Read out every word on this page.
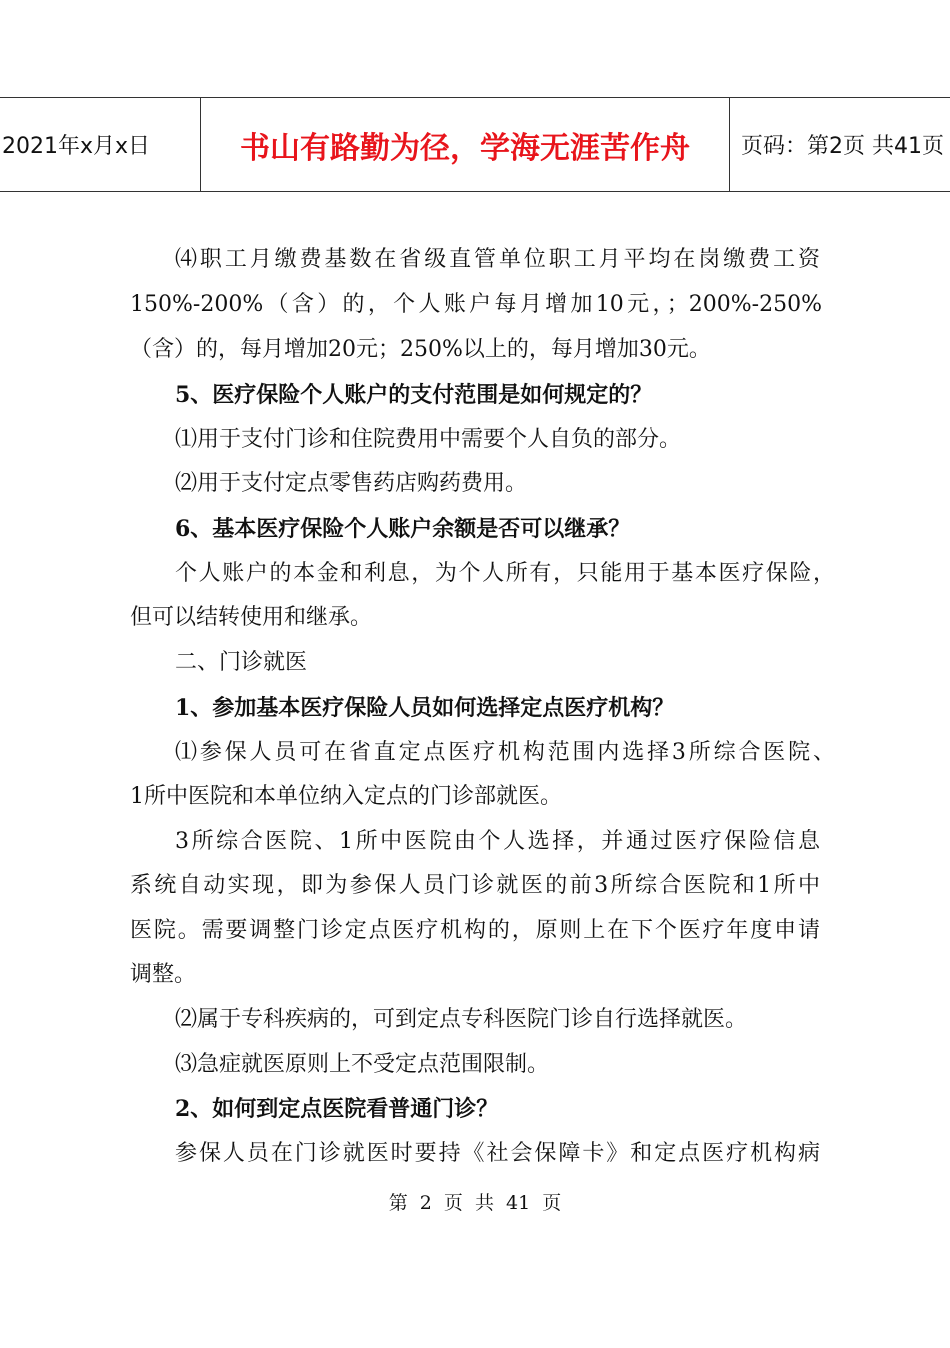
2021年x月x日	书山有路勤为径，学海无涯苦作舟	页码：第2页 共41页
⑷职工月缴费基数在省级直管单位职工月平均在岗缴费工资
150%-200%（含）的，个人账户每月增加10元，；200%-250%
（含）的，每月增加20元；250%以上的，每月增加30元。
5、医疗保险个人账户的支付范围是如何规定的？
⑴用于支付门诊和住院费用中需要个人自负的部分。
⑵用于支付定点零售药店购药费用。
6、基本医疗保险个人账户余额是否可以继承？
个人账户的本金和利息，为个人所有，只能用于基本医疗保险，
但可以结转使用和继承。
二、门诊就医
1、参加基本医疗保险人员如何选择定点医疗机构？
⑴参保人员可在省直定点医疗机构范围内选择3所综合医院、
1所中医院和本单位纳入定点的门诊部就医。
3所综合医院、1所中医院由个人选择，并通过医疗保险信息
系统自动实现，即为参保人员门诊就医的前3所综合医院和1所中
医院。需要调整门诊定点医疗机构的，原则上在下个医疗年度申请
调整。
⑵属于专科疾病的，可到定点专科医院门诊自行选择就医。
⑶急症就医原则上不受定点范围限制。
2、如何到定点医院看普通门诊？
参保人员在门诊就医时要持《社会保障卡》和定点医疗机构病
第 2 页 共 41 页
